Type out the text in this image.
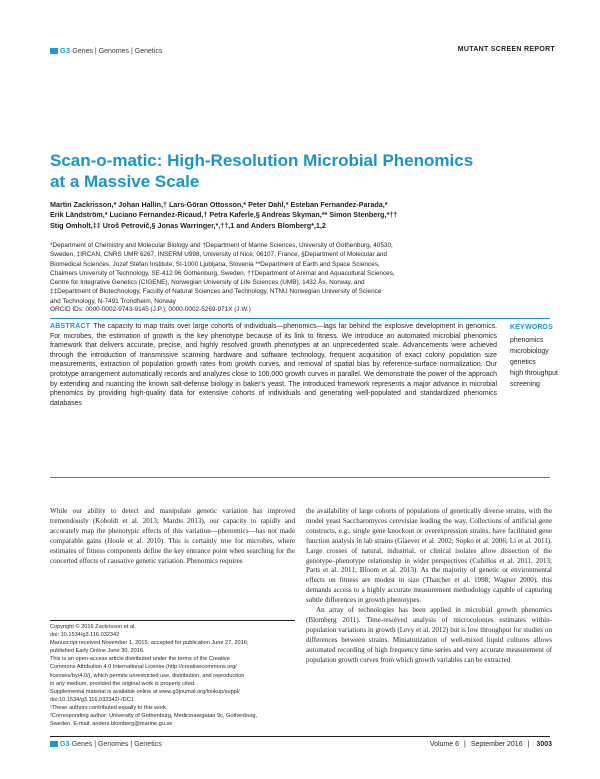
G3·Genes | Genomes | Genetics	MUTANT SCREEN REPORT
Scan-o-matic: High-Resolution Microbial Phenomics
at a Massive Scale
Martin Zackrisson,* Johan Hallin,† Lars-Göran Ottosson,* Peter Dahl,* Esteban Fernandez-Parada,*
Erik Ländström,* Luciano Fernandez-Ricaud,† Petra Kaferle,§ Andreas Skyman,** Simon Stenberg,*††
Stig Omholt,‡‡ Uroš Petrovič,§ Jonas Warringer,*,††,1 and Anders Blomberg*,1,2
*Department of Chemistry and Molecular Biology and †Department of Marine Sciences, University of Gothenburg, 40530,
Sweden, ‡IRCAN, CNRS UMR 6267, INSERM U998, University of Nice, 06107, France, §Department of Molecular and
Biomedical Sciences, Jozef Stefan Institute, SI-1000 Ljubljana, Slovenia **Department of Earth and Space Sciences,
Chalmers University of Technology, SE-412 96 Gothenburg, Sweden, ††Department of Animal and Aquacultural Sciences,
Centre for Integrative Genetics (CIGENE), Norwegian University of Life Sciences (UMB), 1432 Ås, Norway, and
‡‡Department of Biotechnology, Faculty of Natural Sciences and Technology, NTNU Norwegian University of Science
and Technology, N-7491 Trondheim, Norway
ORCID IDs: 0000-0002-9743-9145 (J.P.); 0000-0002-5269-971X (J.W.)
ABSTRACT The capacity to map traits over large cohorts of individuals—phenomics—lags far behind the explosive development in genomics. For microbes, the estimation of growth is the key phenotype because of its link to fitness. We introduce an automated microbial phenomics framework that delivers accurate, precise, and highly resolved growth phenotypes at an unprecedented scale. Advancements were achieved through the introduction of transmissive scanning hardware and software technology, frequent acquisition of exact colony population size measurements, extraction of population growth rates from growth curves, and removal of spatial bias by reference-surface normalization. Our prototype arrangement automatically records and analyzes close to 100,000 growth curves in parallel. We demonstrate the power of the approach by extending and nuancing the known salt-defense biology in baker's yeast. The introduced framework represents a major advance in microbial phenomics by providing high-quality data for extensive cohorts of individuals and generating well-populated and standardized phenomics databases
KEYWORDS
phenomics
microbiology
genetics
high throughput
screening

While our ability to detect and manipulate genetic variation has improved tremendously (Koboldt et al. 2013; Mardis 2013), our capacity to rapidly and accurately map the phenotypic effects of this variation—phenomics—has not made comparable gains (Houle et al. 2010). This is certainly true for microbes, where estimates of fitness components define the key entrance point when searching for the concerted effects of causative genetic variation. Phenomics requires

the availability of large cohorts of populations of genetically diverse strains, with the model yeast Saccharomyces cerevisiae leading the way. Collections of artificial gene constructs, e.g., single gene knockout or overexpression strains, have facilitated gene function analysis in lab strains (Giaever et al. 2002; Sopko et al. 2006; Li et al. 2011). Large crosses of natural, industrial, or clinical isolates allow dissection of the genotype–phenotype relationship in wider perspectives (Cubillos et al. 2011, 2013; Parts et al. 2011; Bloom et al. 2013). As the majority of genetic or environmental effects on fitness are modest in size (Thatcher et al. 1998; Wagner 2000), this demands access to a highly accurate measurement methodology capable of capturing subtle differences in growth phenotypes.

An array of technologies has been applied in microbial growth phenomics (Blomberg 2011). Time-resolved analysis of microcolonies estimates within-population variations in growth (Levy et al. 2012) but is low throughput for studies on differences between strains. Miniaturization of well-mixed liquid cultures allows automated recording of high frequency time series and very accurate measurement of population growth curves from which growth variables can be extracted

Copyright © 2016 Zackrisson et al.
doi: 10.1534/g3.116.032342
Manuscript received November 1, 2015; accepted for publication June 27, 2016;
published Early Online June 30, 2016.
This is an open-access article distributed under the terms of the Creative
Commons Attribution 4.0 International License (http://creativecommons.org/
licenses/by/4.0/), which permits unrestricted use, distribution, and reproduction
in any medium, provided the original work is properly cited.
Supplemental material is available online at www.g3journal.org/lookup/suppl/
doi:10.1534/g3.116.032342/-/DC1
¹These authors contributed equally to this work.
²Corresponding author: University of Gothenburg, Medicinaregatan 9c, Gothenburg,
Sweden. E-mail: anders.blomberg@marine.gu.se
G3·Genes | Genomes | Genetics	Volume 6 | September 2016 | 3003
